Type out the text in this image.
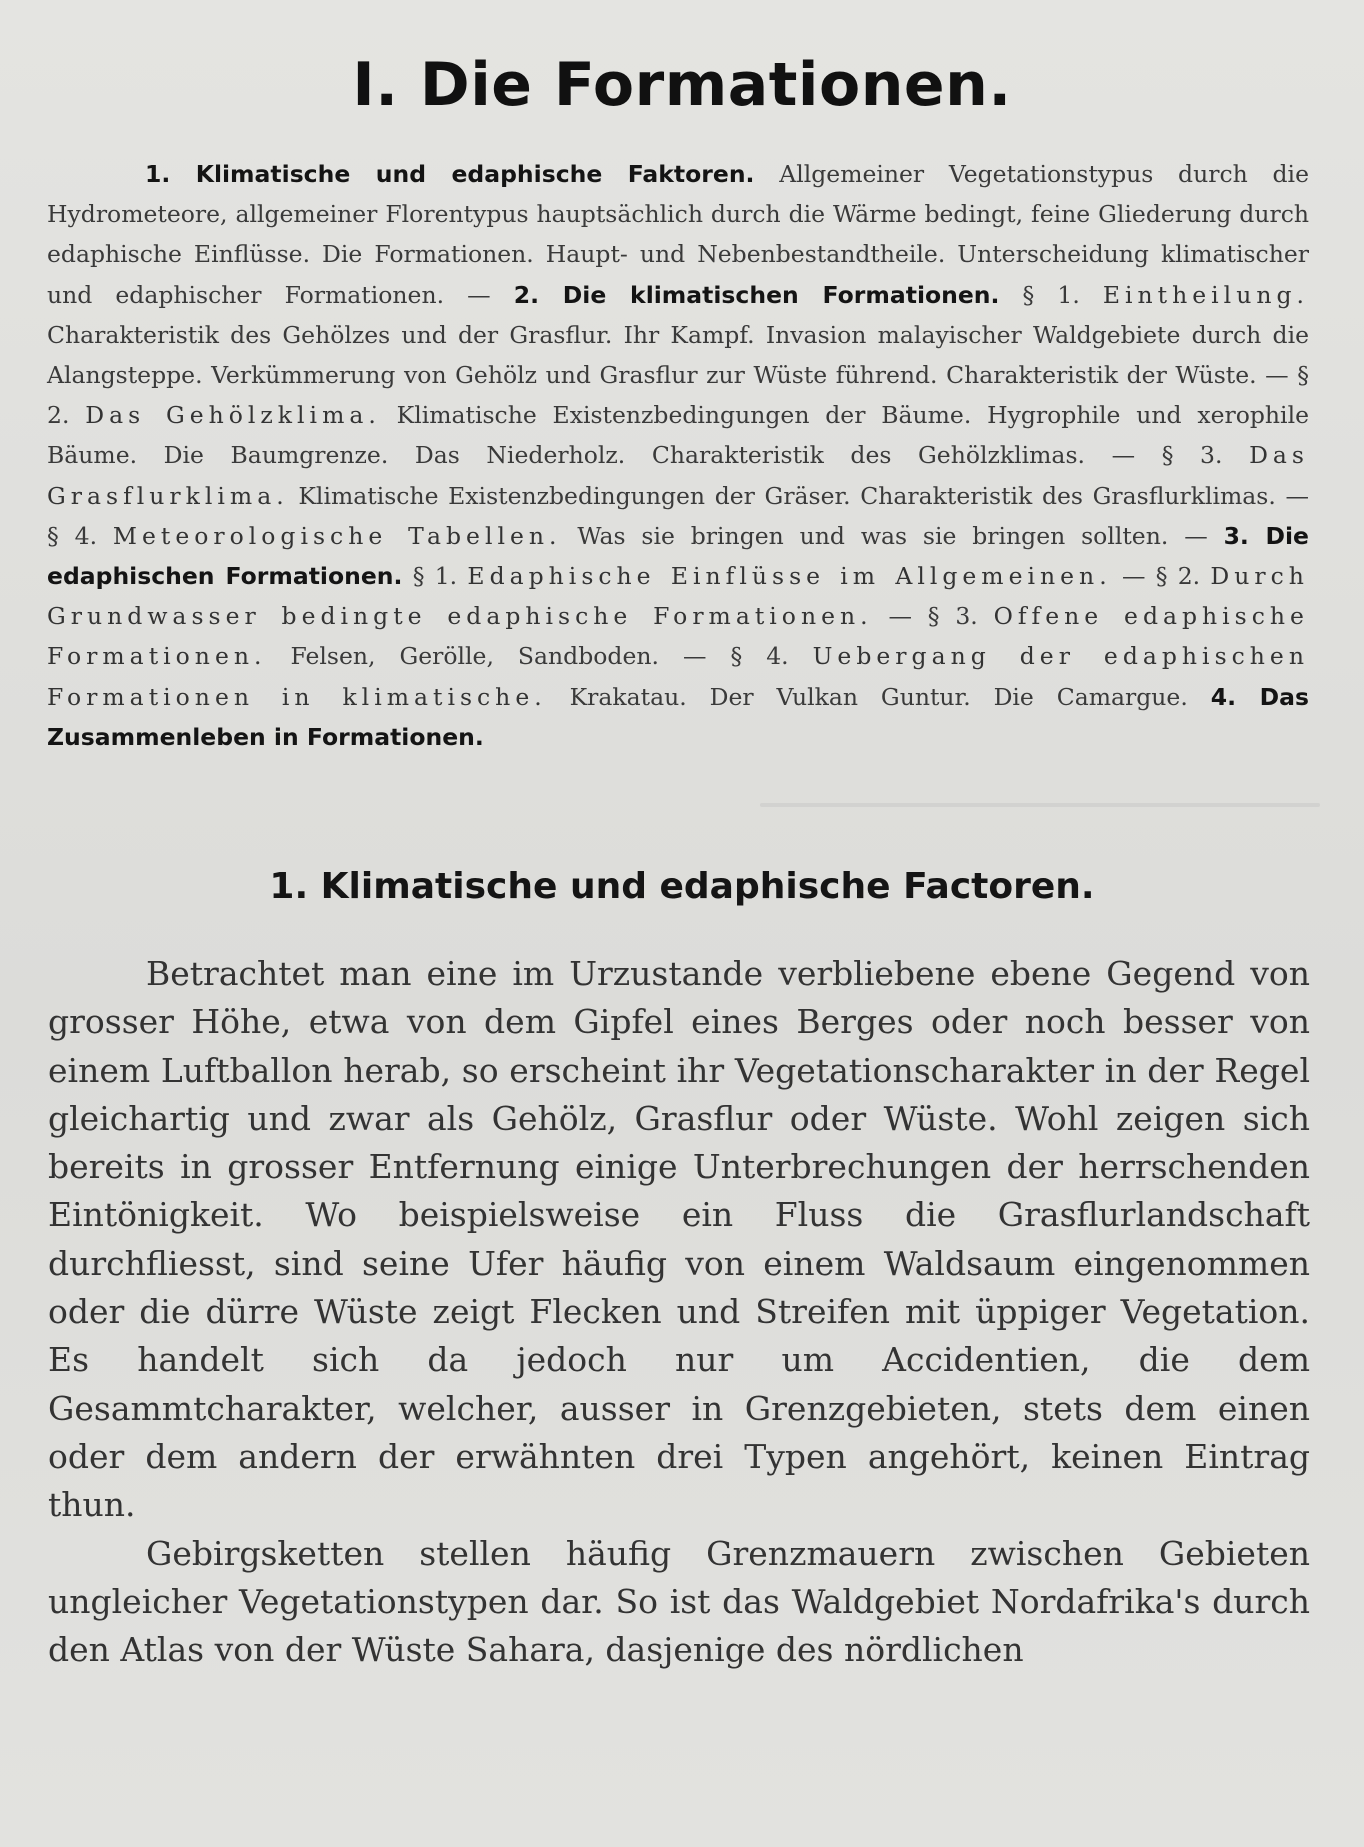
I. Die Formationen.

1. Klimatische und edaphische Faktoren. Allgemeiner Vegetationstypus durch die Hydrometeore, allgemeiner Florentypus hauptsächlich durch die Wärme bedingt, feine Gliederung durch edaphische Einflüsse. Die Formationen. Haupt- und Nebenbestandtheile. Unterscheidung klimatischer und edaphischer Formationen. — 2. Die klimatischen Formationen. § 1. Eintheilung. Charakteristik des Gehölzes und der Grasflur. Ihr Kampf. Invasion malayischer Waldgebiete durch die Alangsteppe. Verkümmerung von Gehölz und Grasflur zur Wüste führend. Charakteristik der Wüste. — § 2. Das Gehölzklima. Klimatische Existenzbedingungen der Bäume. Hygrophile und xerophile Bäume. Die Baumgrenze. Das Niederholz. Charakteristik des Gehölzklimas. — § 3. Das Grasflurklima. Klimatische Existenzbedingungen der Gräser. Charakteristik des Grasflurklimas. — § 4. Meteorologische Tabellen. Was sie bringen und was sie bringen sollten. — 3. Die edaphischen Formationen. § 1. Edaphische Einflüsse im Allgemeinen. — § 2. Durch Grundwasser bedingte edaphische Formationen. — § 3. Offene edaphische Formationen. Felsen, Gerölle, Sandboden. — § 4. Uebergang der edaphischen Formationen in klimatische. Krakatau. Der Vulkan Guntur. Die Camargue. 4. Das Zusammenleben in Formationen.

1. Klimatische und edaphische Factoren.

Betrachtet man eine im Urzustande verbliebene ebene Gegend von grosser Höhe, etwa von dem Gipfel eines Berges oder noch besser von einem Luftballon herab, so erscheint ihr Vegetationscharakter in der Regel gleichartig und zwar als Gehölz, Grasflur oder Wüste. Wohl zeigen sich bereits in grosser Entfernung einige Unterbrechungen der herrschenden Eintönigkeit. Wo beispielsweise ein Fluss die Grasflurlandschaft durchfliesst, sind seine Ufer häufig von einem Waldsaum eingenommen oder die dürre Wüste zeigt Flecken und Streifen mit üppiger Vegetation. Es handelt sich da jedoch nur um Accidentien, die dem Gesammtcharakter, welcher, ausser in Grenzgebieten, stets dem einen oder dem andern der erwähnten drei Typen angehört, keinen Eintrag thun.

Gebirgsketten stellen häufig Grenzmauern zwischen Gebieten ungleicher Vegetationstypen dar. So ist das Waldgebiet Nordafrika's durch den Atlas von der Wüste Sahara, dasjenige des nördlichen
